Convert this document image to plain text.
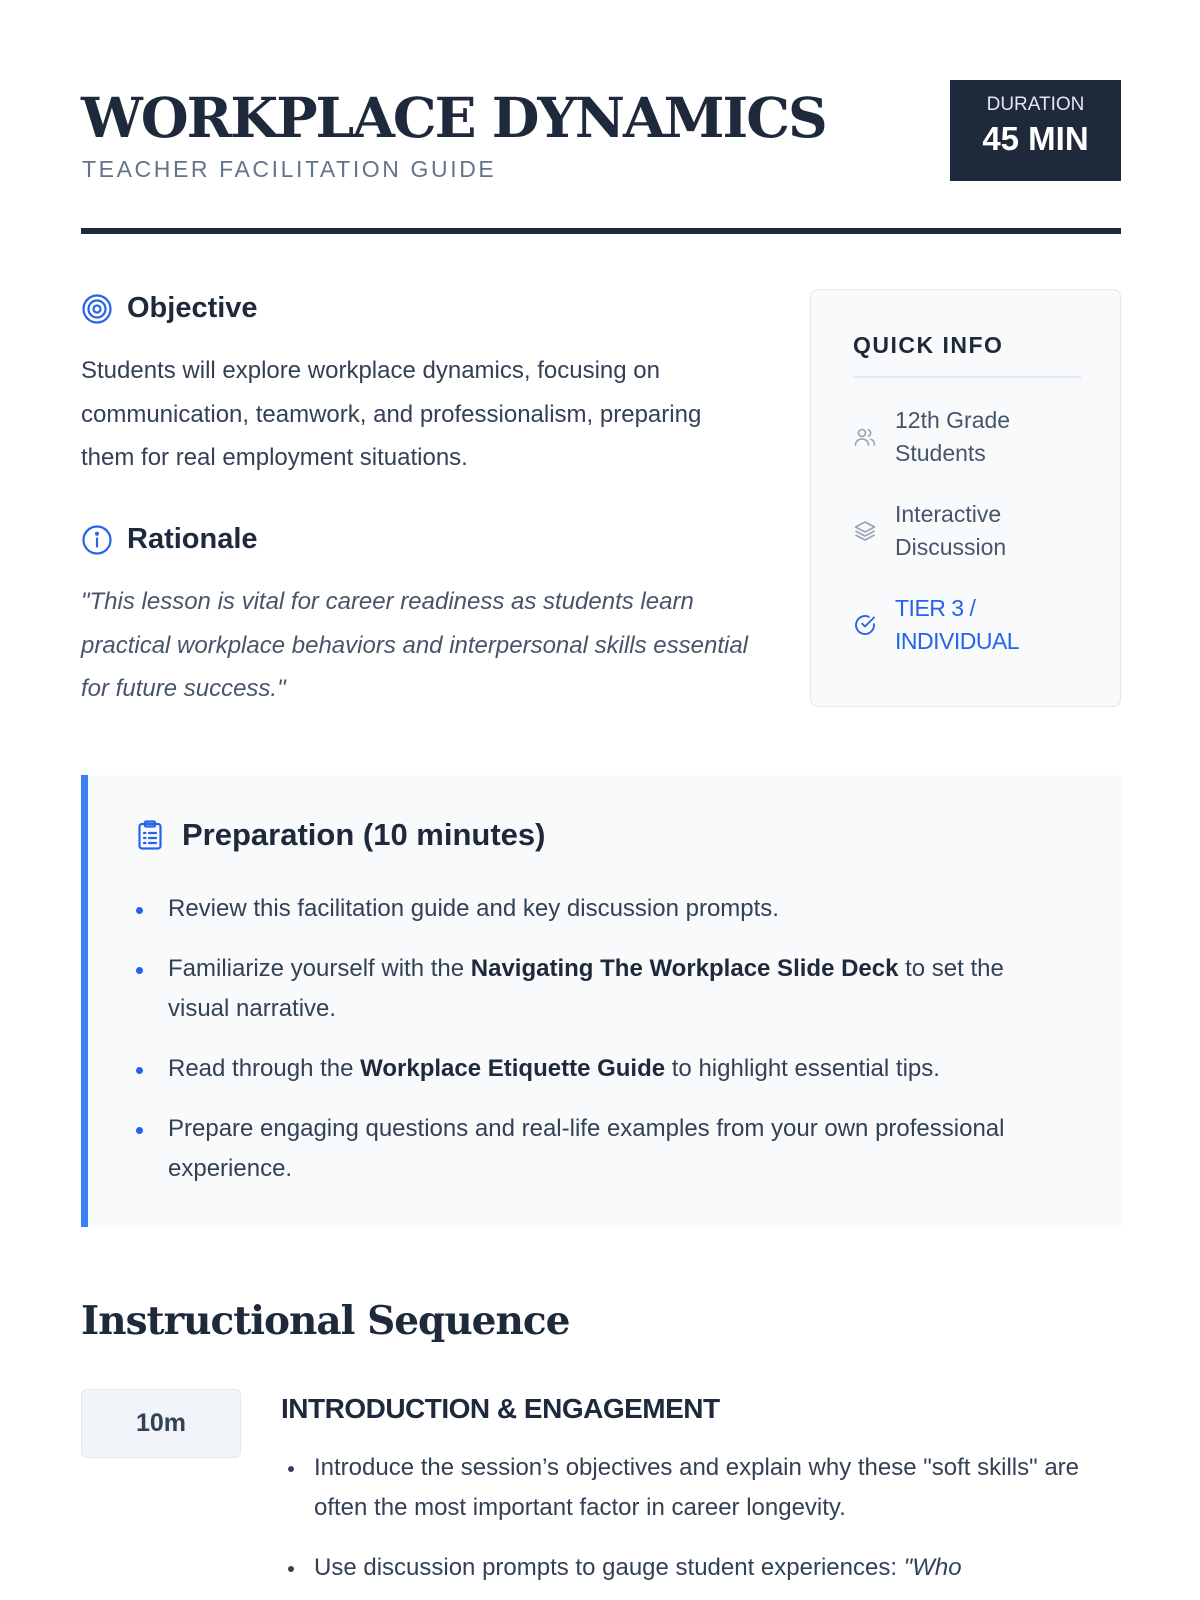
WORKPLACE DYNAMICS
TEACHER FACILITATION GUIDE
DURATION
45 MIN
Objective

Students will explore workplace dynamics, focusing on communication, teamwork, and professionalism, preparing them for real employment situations.

Rationale

"This lesson is vital for career readiness as students learn practical workplace behaviors and interpersonal skills essential for future success."

QUICK INFO
12th Grade Students
Interactive Discussion
TIER 3 / INDIVIDUAL
Preparation (10 minutes)
Review this facilitation guide and key discussion prompts.
Familiarize yourself with the Navigating The Workplace Slide Deck to set the visual narrative.
Read through the Workplace Etiquette Guide to highlight essential tips.
Prepare engaging questions and real-life examples from your own professional experience.
Instructional Sequence
10m	INTRODUCTION & ENGAGEMENT
Introduce the session’s objectives and explain why these "soft skills" are often the most important factor in career longevity.
Use discussion prompts to gauge student experiences: "Who
